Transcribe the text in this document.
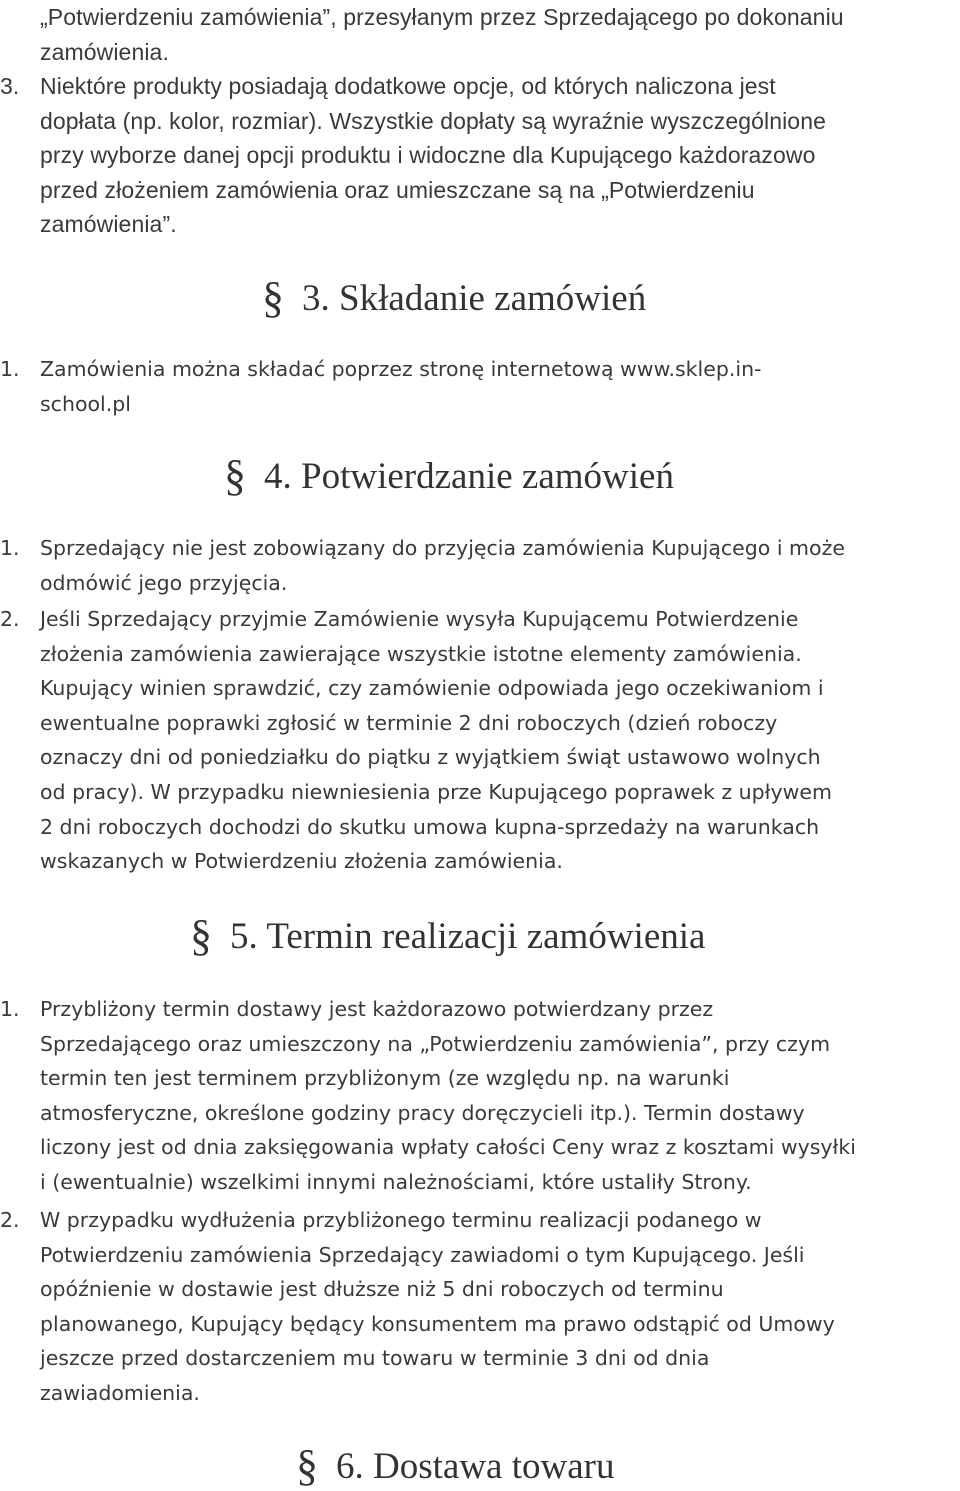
„Potwierdzeniu zamówienia”, przesyłanym przez Sprzedającego po dokonaniu
zamówienia.
3. Niektóre produkty posiadają dodatkowe opcje, od których naliczona jest
dopłata (np. kolor, rozmiar). Wszystkie dopłaty są wyraźnie wyszczególnione
przy wyborze danej opcji produktu i widoczne dla Kupującego każdorazowo
przed złożeniem zamówienia oraz umieszczane są na „Potwierdzeniu
zamówienia”.
§ 3. Składanie zamówień
1. Zamówienia można składać poprzez stronę internetową www.sklep.in-
school.pl
§ 4. Potwierdzanie zamówień
1. Sprzedający nie jest zobowiązany do przyjęcia zamówienia Kupującego i może
odmówić jego przyjęcia.
2. Jeśli Sprzedający przyjmie Zamówienie wysyła Kupującemu Potwierdzenie
złożenia zamówienia zawierające wszystkie istotne elementy zamówienia.
Kupujący winien sprawdzić, czy zamówienie odpowiada jego oczekiwaniom i
ewentualne poprawki zgłosić w terminie 2 dni roboczych (dzień roboczy
oznaczy dni od poniedziałku do piątku z wyjątkiem świąt ustawowo wolnych
od pracy). W przypadku niewniesienia prze Kupującego poprawek z upływem
2 dni roboczych dochodzi do skutku umowa kupna-sprzedaży na warunkach
wskazanych w Potwierdzeniu złożenia zamówienia.
§ 5. Termin realizacji zamówienia
1. Przybliżony termin dostawy jest każdorazowo potwierdzany przez
Sprzedającego oraz umieszczony na „Potwierdzeniu zamówienia”, przy czym
termin ten jest terminem przybliżonym (ze względu np. na warunki
atmosferyczne, określone godziny pracy doręczycieli itp.). Termin dostawy
liczony jest od dnia zaksięgowania wpłaty całości Ceny wraz z kosztami wysyłki
i (ewentualnie) wszelkimi innymi należnościami, które ustaliły Strony.
2. W przypadku wydłużenia przybliżonego terminu realizacji podanego w
Potwierdzeniu zamówienia Sprzedający zawiadomi o tym Kupującego. Jeśli
opóźnienie w dostawie jest dłuższe niż 5 dni roboczych od terminu
planowanego, Kupujący będący konsumentem ma prawo odstąpić od Umowy
jeszcze przed dostarczeniem mu towaru w terminie 3 dni od dnia
zawiadomienia.
§ 6. Dostawa towaru
